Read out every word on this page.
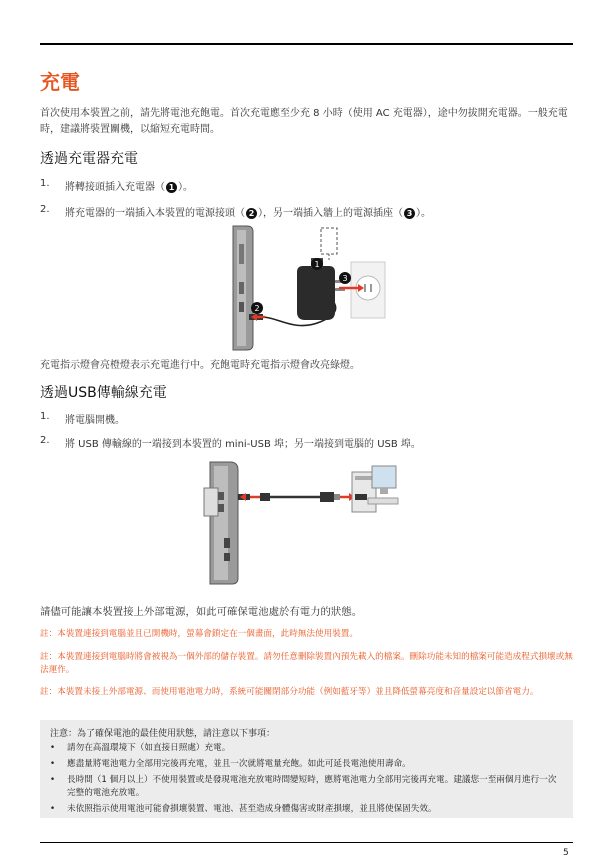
充電
首次使用本裝置之前，請先將電池充飽電。首次充電應至少充 8 小時（使用 AC 充電器），途中勿拔開充電器。一般充電時，建議將裝置關機，以縮短充電時間。
透過充電器充電
1. 將轉接頭插入充電器（ 1 ）。
2. 將充電器的一端插入本裝置的電源接頭（ 2 ），另一端插入牆上的電源插座（ 3 ）。
1
2
3
充電指示燈會亮橙燈表示充電進行中。充飽電時充電指示燈會改亮綠燈。
透過USB傳輸線充電
1. 將電腦開機。
2. 將 USB 傳輸線的一端接到本裝置的 mini-USB 埠；另一端接到電腦的 USB 埠。
請儘可能讓本裝置接上外部電源，如此可確保電池處於有電力的狀態。
註：本裝置連接到電腦並且已開機時，螢幕會鎖定在一個畫面，此時無法使用裝置。
註：本裝置連接到電腦時將會被視為一個外部的儲存裝置。請勿任意刪除裝置內預先載入的檔案。刪除功能未知的檔案可能造成程式損壞或無法運作。
註：本裝置未接上外部電源、而使用電池電力時，系統可能關閉部分功能（例如藍牙等）並且降低螢幕亮度和音量設定以節省電力。
注意：為了確保電池的最佳使用狀態，請注意以下事項：
• 請勿在高溫環境下（如直接日照處）充電。
• 應盡量將電池電力全部用完後再充電，並且一次就將電量充飽。如此可延長電池使用壽命。
• 長時間（1 個月以上）不使用裝置或是發現電池充放電時間變短時，應將電池電力全部用完後再充電。建議您一至兩個月進行一次完整的電池充放電。
• 未依照指示使用電池可能會損壞裝置、電池、甚至造成身體傷害或財產損壞，並且將使保固失效。
5
